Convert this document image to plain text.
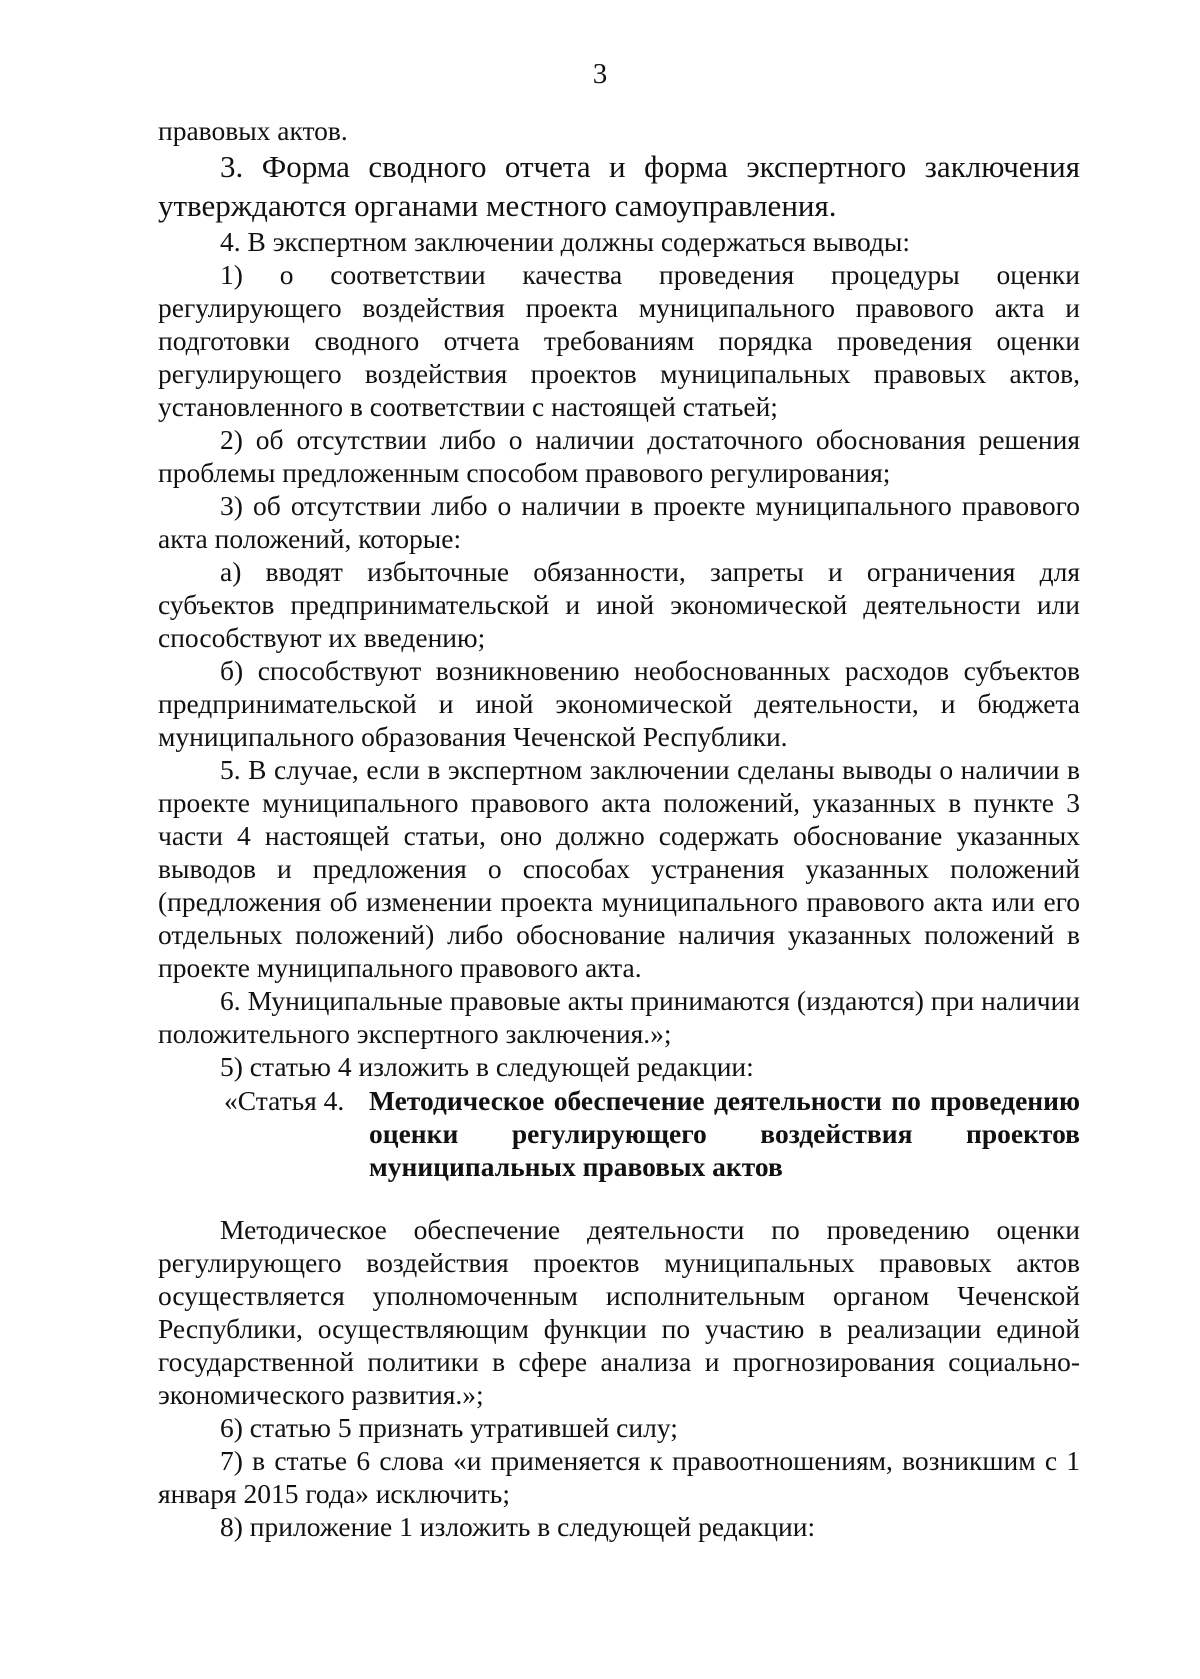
3

правовых актов.

3. Форма сводного отчета и форма экспертного заключения утверждаются органами местного самоуправления.

4. В экспертном заключении должны содержаться выводы:

1) о соответствии качества проведения процедуры оценки регулирующего воздействия проекта муниципального правового акта и подготовки сводного отчета требованиям порядка проведения оценки регулирующего воздействия проектов муниципальных правовых актов, установленного в соответствии с настоящей статьей;

2) об отсутствии либо о наличии достаточного обоснования решения проблемы предложенным способом правового регулирования;

3) об отсутствии либо о наличии в проекте муниципального правового акта положений, которые:

а) вводят избыточные обязанности, запреты и ограничения для субъектов предпринимательской и иной экономической деятельности или способствуют их введению;

б) способствуют возникновению необоснованных расходов субъектов предпринимательской и иной экономической деятельности, и бюджета муниципального образования Чеченской Республики.

5. В случае, если в экспертном заключении сделаны выводы о наличии в проекте муниципального правового акта положений, указанных в пункте 3 части 4 настоящей статьи, оно должно содержать обоснование указанных выводов и предложения о способах устранения указанных положений (предложения об изменении проекта муниципального правового акта или его отдельных положений) либо обоснование наличия указанных положений в проекте муниципального правового акта.

6. Муниципальные правовые акты принимаются (издаются) при наличии положительного экспертного заключения.»;

5) статью 4 изложить в следующей редакции:

«Статья 4. Методическое обеспечение деятельности по проведению оценки регулирующего воздействия проектов муниципальных правовых актов

Методическое обеспечение деятельности по проведению оценки регулирующего воздействия проектов муниципальных правовых актов осуществляется уполномоченным исполнительным органом Чеченской Республики, осуществляющим функции по участию в реализации единой государственной политики в сфере анализа и прогнозирования социально-экономического развития.»;

6) статью 5 признать утратившей силу;

7) в статье 6 слова «и применяется к правоотношениям, возникшим с 1 января 2015 года» исключить;

8) приложение 1 изложить в следующей редакции:
